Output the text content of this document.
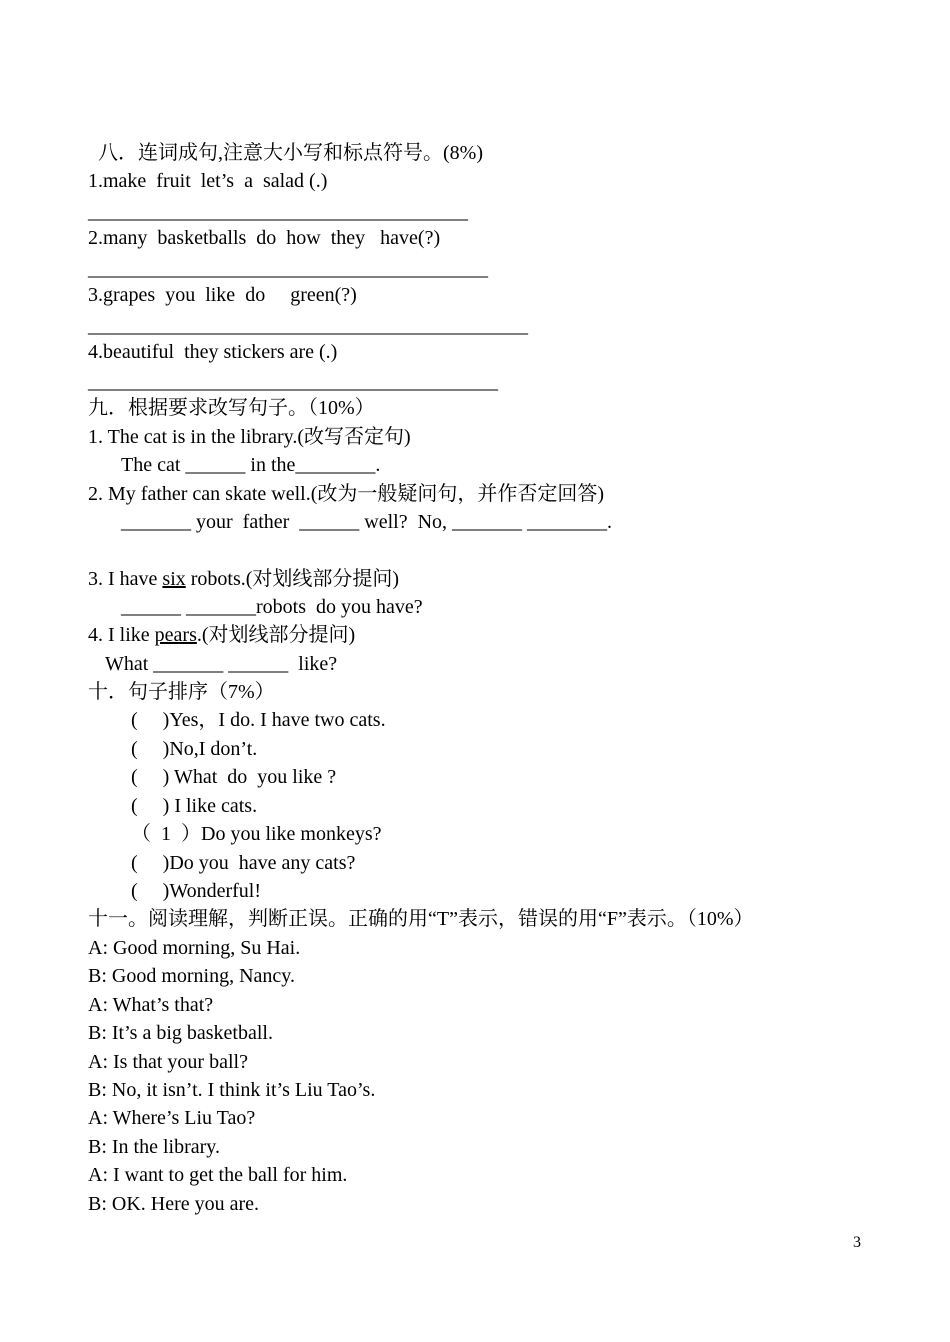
八．连词成句,注意大小写和标点符号。(8%)
1.make  fruit  let’s  a  salad (.)
______________________________________
2.many  basketballs  do  how  they   have(?)
________________________________________
3.grapes  you  like  do     green(?)
____________________________________________
4.beautiful  they stickers are (.)
_________________________________________
九．根据要求改写句子。（10%）
1. The cat is in the library.(改写否定句)
The cat ______ in the________.
2. My father can skate well.(改为一般疑问句，并作否定回答)
_______ your  father  ______ well?  No, _______ ________.
3. I have six robots.(对划线部分提问)
______ _______robots  do you have?
4. I like pears.(对划线部分提问)
What _______ ______  like?
十．句子排序（7%）
(     )Yes，I do. I have two cats.
(     )No,I don’t.
(     ) What  do  you like ?
(     ) I like cats.
（  1  ）Do you like monkeys?
(     )Do you  have any cats?
(     )Wonderful!
十一。阅读理解，判断正误。正确的用“T”表示，错误的用“F”表示。（10%）
A: Good morning, Su Hai.
B: Good morning, Nancy.
A: What’s that?
B: It’s a big basketball.
A: Is that your ball?
B: No, it isn’t. I think it’s Liu Tao’s.
A: Where’s Liu Tao?
B: In the library.
A: I want to get the ball for him.
B: OK. Here you are.
3
